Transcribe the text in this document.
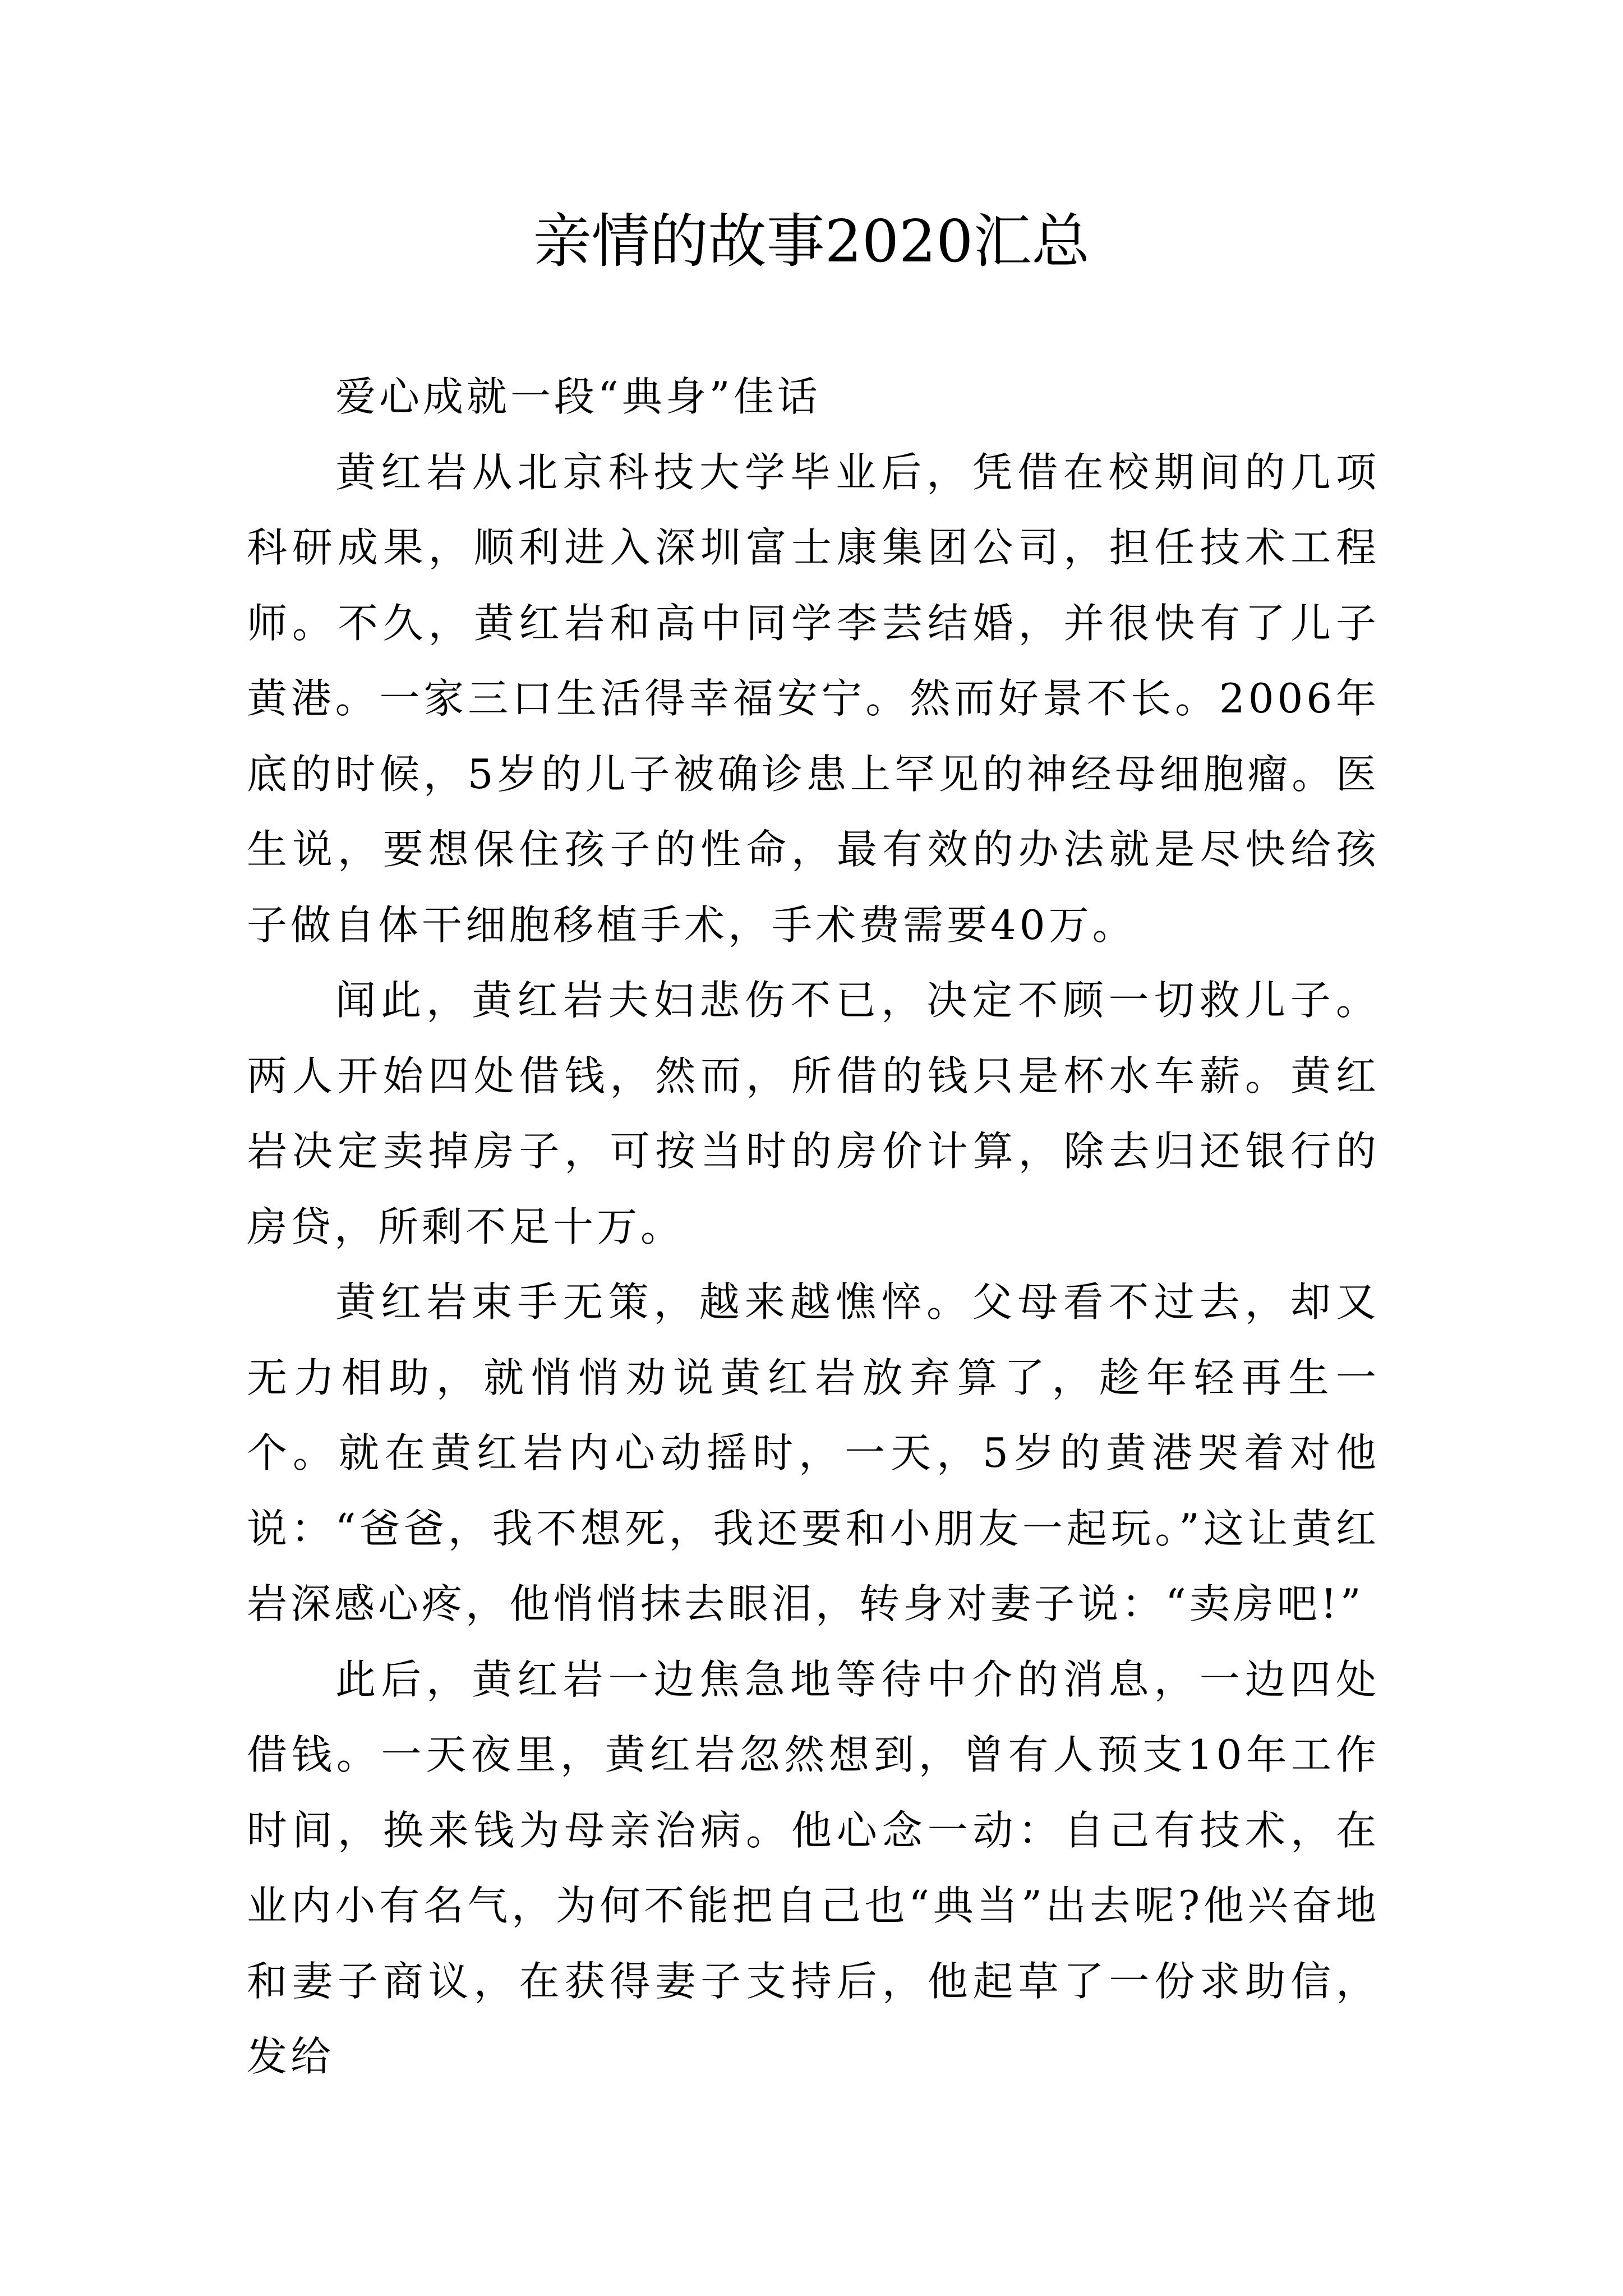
亲情的故事2020汇总

爱心成就一段“典身”佳话

黄红岩从北京科技大学毕业后，凭借在校期间的几项科研成果，顺利进入深圳富士康集团公司，担任技术工程师。不久，黄红岩和高中同学李芸结婚，并很快有了儿子黄港。一家三口生活得幸福安宁。然而好景不长。2006年底的时候，5岁的儿子被确诊患上罕见的神经母细胞瘤。医生说，要想保住孩子的性命，最有效的办法就是尽快给孩子做自体干细胞移植手术，手术费需要40万。

闻此，黄红岩夫妇悲伤不已，决定不顾一切救儿子。两人开始四处借钱，然而，所借的钱只是杯水车薪。黄红岩决定卖掉房子，可按当时的房价计算，除去归还银行的房贷，所剩不足十万。

黄红岩束手无策，越来越憔悴。父母看不过去，却又无力相助，就悄悄劝说黄红岩放弃算了，趁年轻再生一个。就在黄红岩内心动摇时，一天，5岁的黄港哭着对他说：“爸爸，我不想死，我还要和小朋友一起玩。”这让黄红岩深感心疼，他悄悄抹去眼泪，转身对妻子说：“卖房吧!”

此后，黄红岩一边焦急地等待中介的消息，一边四处借钱。一天夜里，黄红岩忽然想到，曾有人预支10年工作时间，换来钱为母亲治病。他心念一动：自己有技术，在业内小有名气，为何不能把自己也“典当”出去呢?他兴奋地和妻子商议，在获得妻子支持后，他起草了一份求助信，发给
